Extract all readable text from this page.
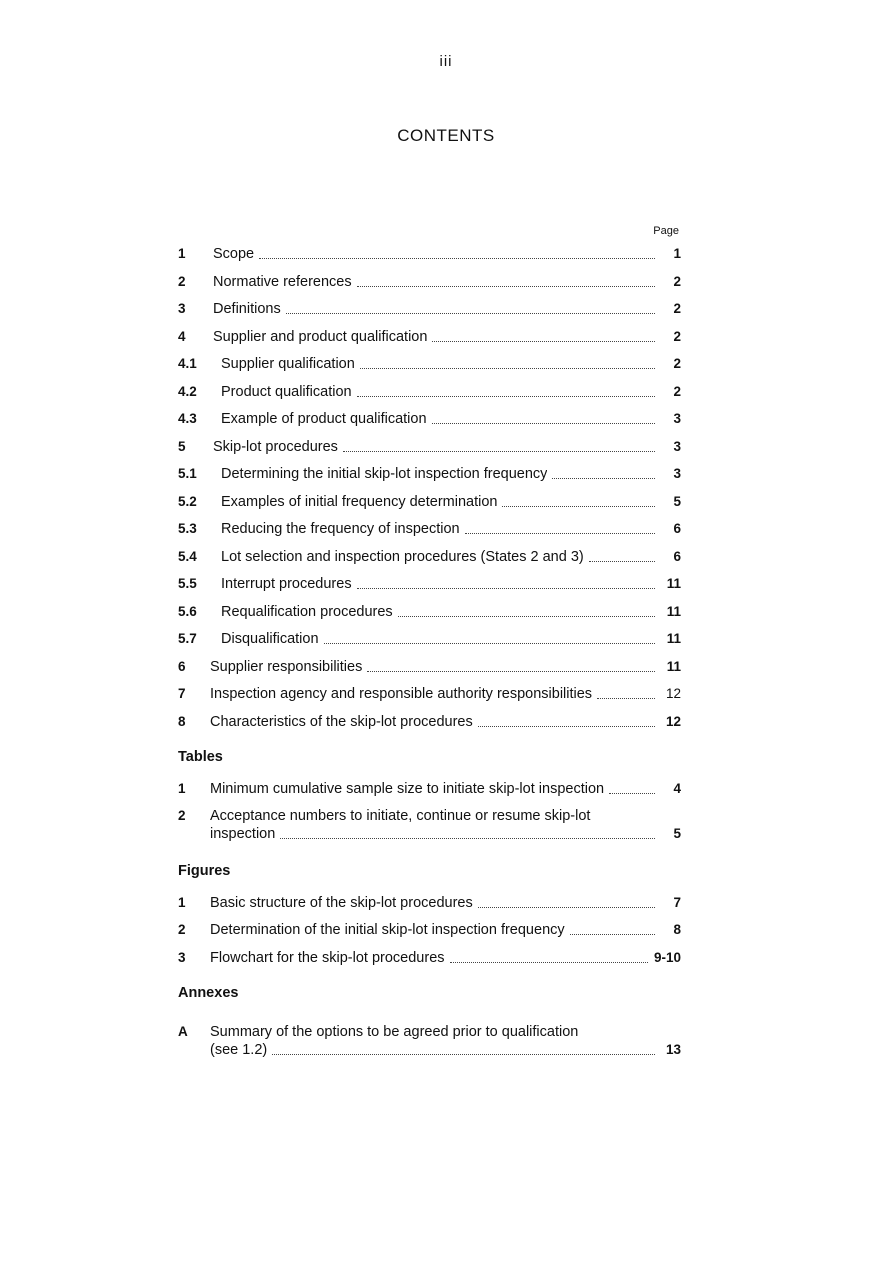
iii
CONTENTS
Page
1	Scope	1
2	Normative references	2
3	Definitions	2
4	Supplier and product qualification	2
4.1	Supplier qualification	2
4.2	Product qualification	2
4.3	Example of product qualification	3
5	Skip-lot procedures	3
5.1	Determining the initial skip-lot inspection frequency	3
5.2	Examples of initial frequency determination	5
5.3	Reducing the frequency of inspection	6
5.4	Lot selection and inspection procedures (States 2 and 3)	6
5.5	Interrupt procedures	11
5.6	Requalification procedures	11
5.7	Disqualification	11
6	Supplier responsibilities	11
7	Inspection agency and responsible authority responsibilities	12
8	Characteristics of the skip-lot procedures	12
Tables
1	Minimum cumulative sample size to initiate skip-lot inspection	4
2	Acceptance numbers to initiate, continue or resume skip-lot
inspection	5
Figures
1	Basic structure of the skip-lot procedures	7
2	Determination of the initial skip-lot inspection frequency	8
3	Flowchart for the skip-lot procedures	9-10
Annexes
A	Summary of the options to be agreed prior to qualification
(see 1.2)	13
